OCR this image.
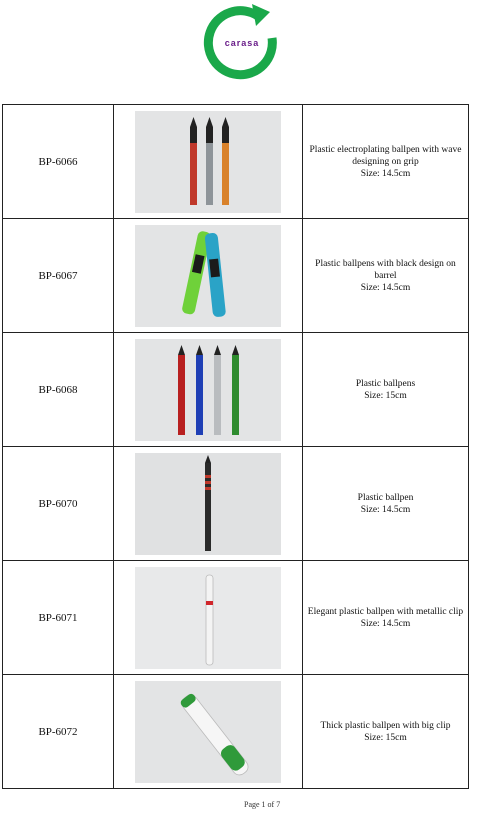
carasa
BP-6066		Plastic electroplating ballpen with wave designing on grip
Size: 14.5cm

BP-6067		Plastic ballpens with black design on barrel
Size: 14.5cm

BP-6068		Plastic ballpens
Size: 15cm

BP-6070		Plastic ballpen
Size: 14.5cm

BP-6071		Elegant plastic ballpen with metallic clip
Size: 14.5cm

BP-6072		Thick plastic ballpen with big clip
Size: 15cm
Page 1 of 7
